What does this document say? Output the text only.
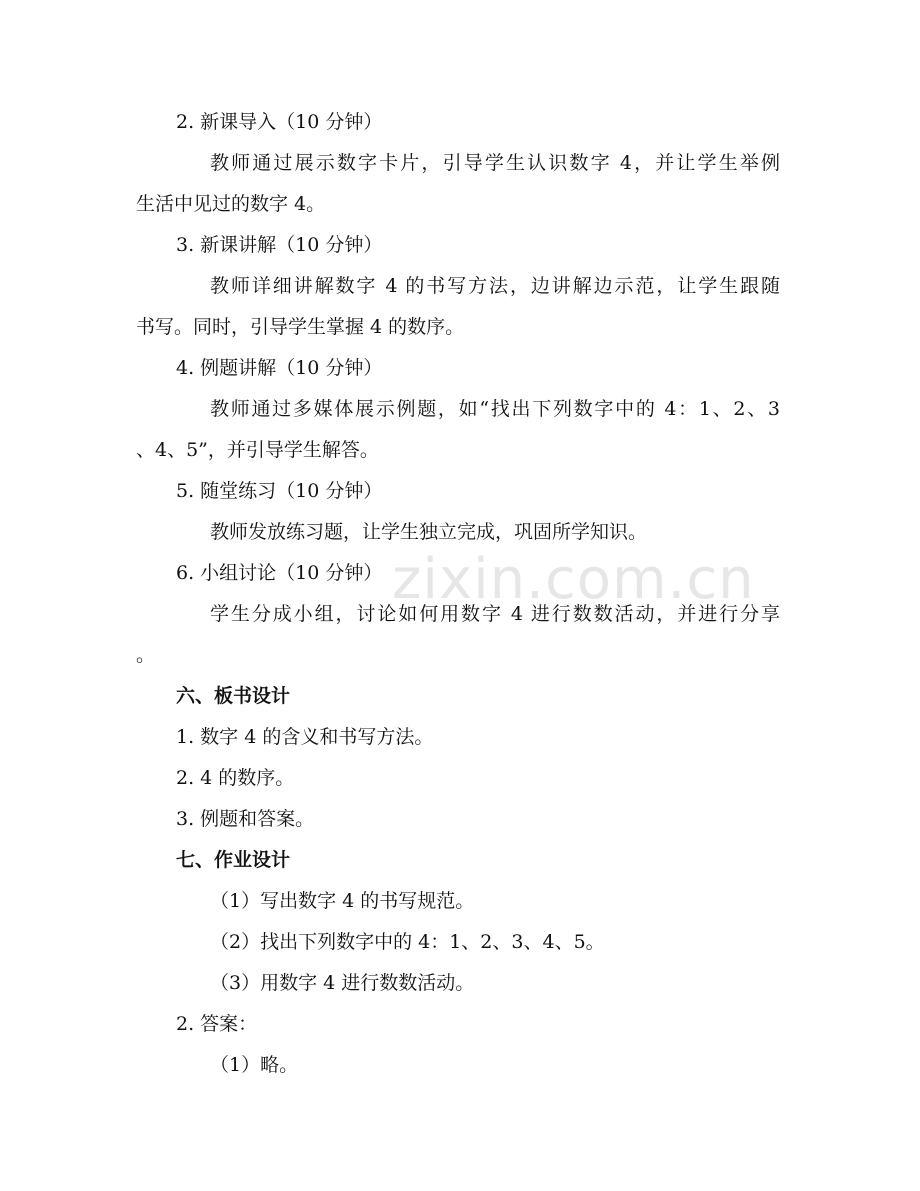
2. 新课导入（10 分钟）
教师通过展示数字卡片，引导学生认识数字 4，并让学生举例
生活中见过的数字 4。
3. 新课讲解（10 分钟）
教师详细讲解数字 4 的书写方法，边讲解边示范，让学生跟随
书写。同时，引导学生掌握 4 的数序。
4. 例题讲解（10 分钟）
教师通过多媒体展示例题，如“找出下列数字中的 4：1、2、3
、4、5”，并引导学生解答。
5. 随堂练习（10 分钟）
教师发放练习题，让学生独立完成，巩固所学知识。
6. 小组讨论（10 分钟）
学生分成小组，讨论如何用数字 4 进行数数活动，并进行分享
。
六、板书设计
1. 数字 4 的含义和书写方法。
2. 4 的数序。
3. 例题和答案。
七、作业设计
（1）写出数字 4 的书写规范。
（2）找出下列数字中的 4：1、2、3、4、5。
（3）用数字 4 进行数数活动。
2. 答案：
（1）略。
zixin.com.cn
